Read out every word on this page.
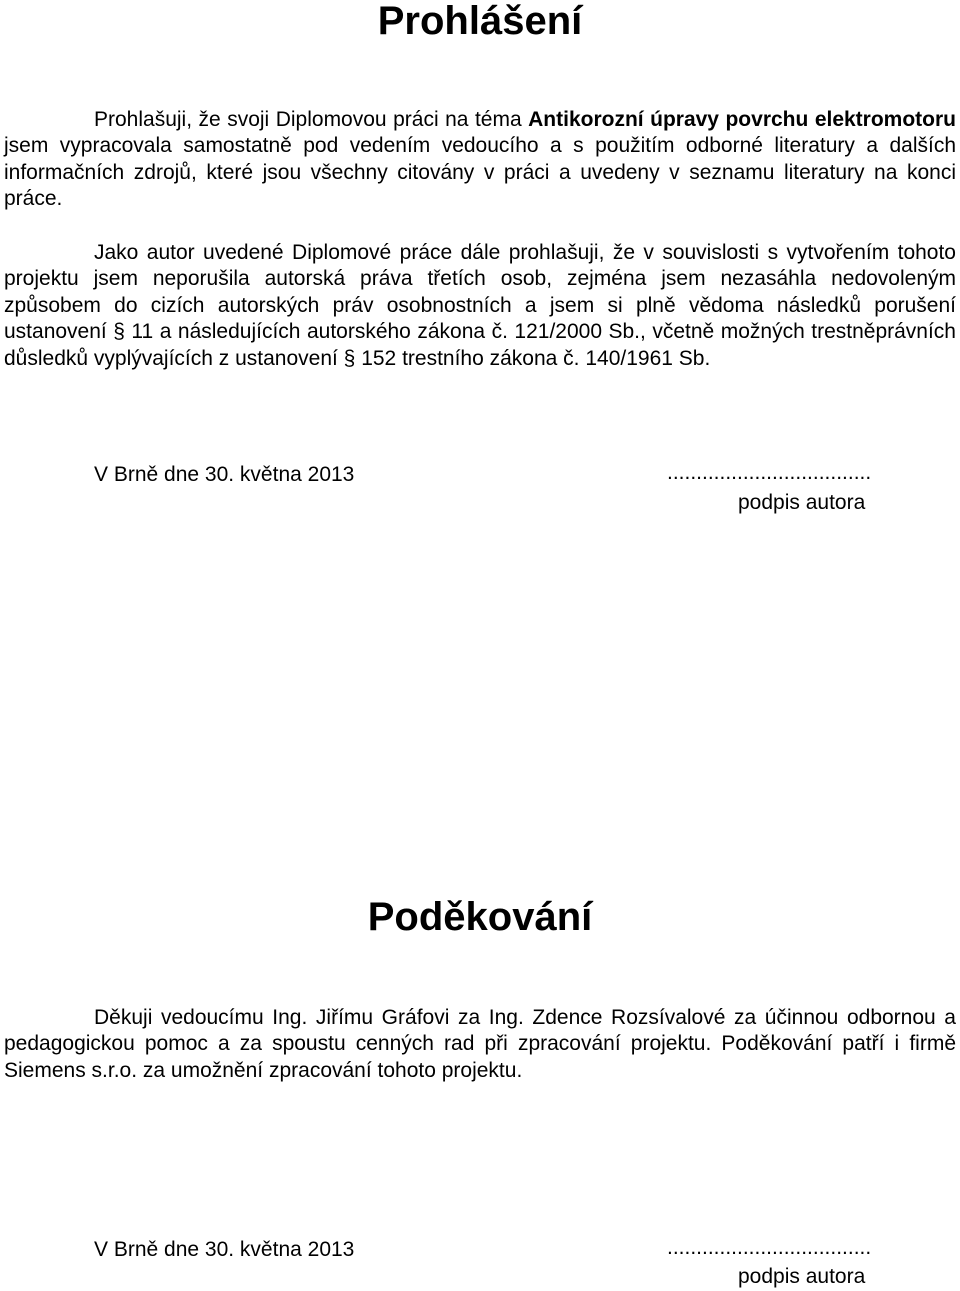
Prohlášení

Prohlašuji, že svoji Diplomovou práci na téma Antikorozní úpravy povrchu elektromotoru jsem vypracovala samostatně pod vedením vedoucího a s použitím odborné literatury a dalších informačních zdrojů, které jsou všechny citovány v práci a uvedeny v seznamu literatury na konci práce.

Jako autor uvedené Diplomové práce dále prohlašuji, že v souvislosti s vytvořením tohoto projektu jsem neporušila autorská práva třetích osob, zejména jsem nezasáhla nedovoleným způsobem do cizích autorských práv osobnostních a jsem si plně vědoma následků porušení ustanovení § 11 a následujících autorského zákona č. 121/2000 Sb., včetně možných trestněprávních důsledků vyplývajících z ustanovení § 152 trestního zákona č. 140/1961 Sb.

V Brně dne 30. května 2013	...................................
podpis autora
Poděkování

Děkuji vedoucímu Ing. Jiřímu Gráfovi za Ing. Zdence Rozsívalové za účinnou odbornou a pedagogickou pomoc a za spoustu cenných rad při zpracování projektu. Poděkování patří i firmě Siemens s.r.o. za umožnění zpracování tohoto projektu.

V Brně dne 30. května 2013	...................................
podpis autora
